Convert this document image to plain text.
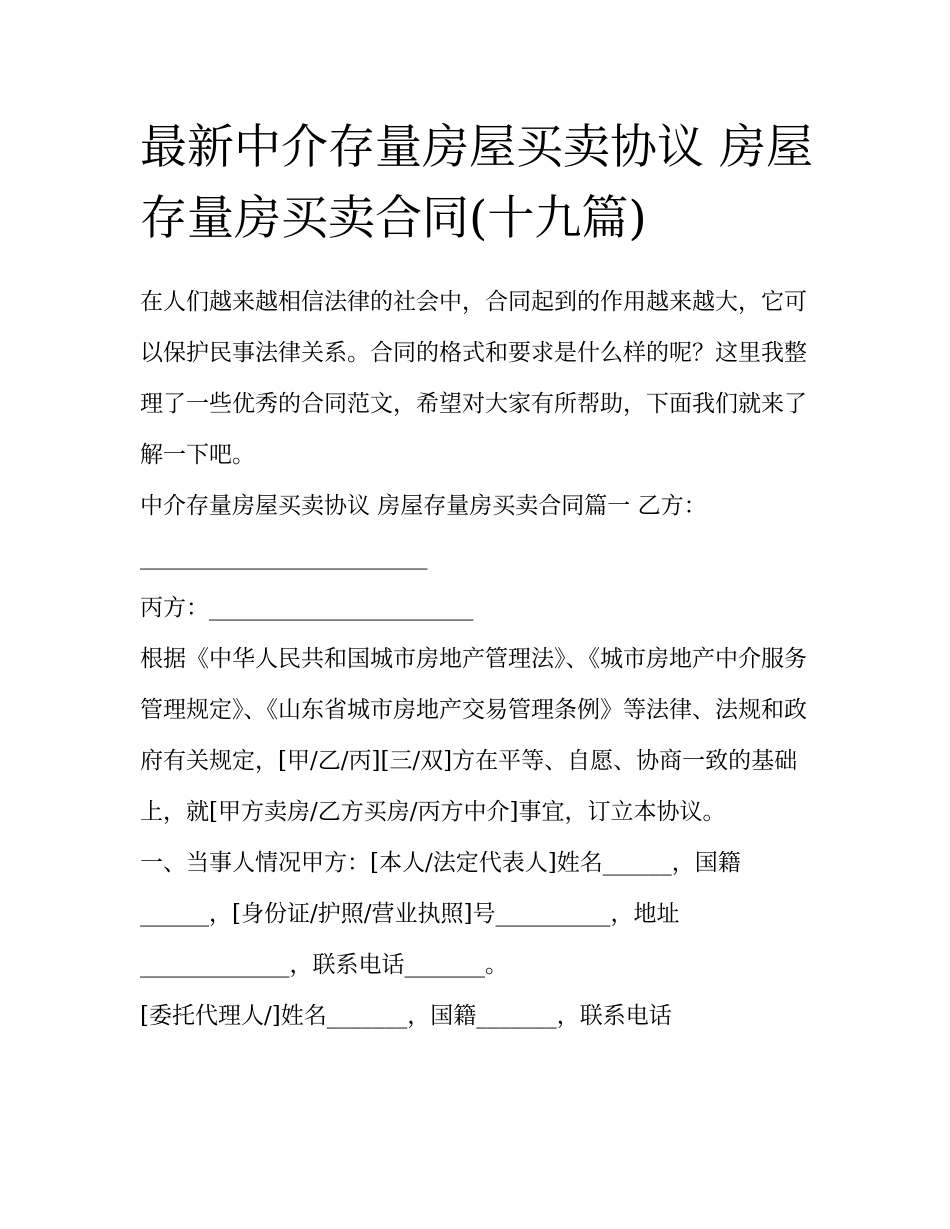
最新中介存量房屋买卖协议 房屋存量房买卖合同(十九篇)

在人们越来越相信法律的社会中，合同起到的作用越来越大，它可以保护民事法律关系。合同的格式和要求是什么样的呢？这里我整理了一些优秀的合同范文，希望对大家有所帮助，下面我们就来了解一下吧。

中介存量房屋买卖协议 房屋存量房买卖合同篇一 乙方：_________________________

丙方：_______________________

根据《中华人民共和国城市房地产管理法》、《城市房地产中介服务管理规定》、《山东省城市房地产交易管理条例》等法律、法规和政府有关规定，[甲/乙/丙][三/双]方在平等、自愿、协商一致的基础上，就[甲方卖房/乙方买房/丙方中介]事宜，订立本协议。

一、当事人情况甲方：[本人/法定代表人]姓名______，国籍______，[身份证/护照/营业执照]号__________，地址_____________，联系电话_______。

[委托代理人/]姓名_______，国籍_______，联系电话
